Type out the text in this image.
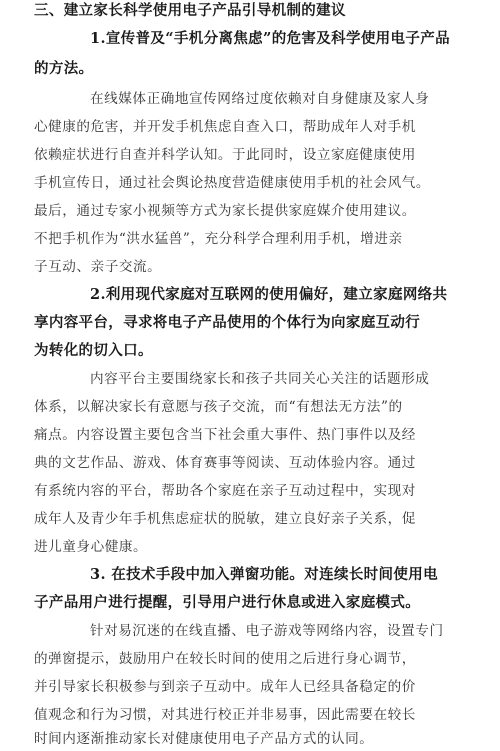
三、建立家长科学使用电子产品引导机制的建议
1.宣传普及“手机分离焦虑”的危害及科学使用电子产品
的方法。
在线媒体正确地宣传网络过度依赖对自身健康及家人身
心健康的危害，并开发手机焦虑自查入口，帮助成年人对手机
依赖症状进行自查并科学认知。于此同时，设立家庭健康使用
手机宣传日，通过社会舆论热度营造健康使用手机的社会风气。
最后，通过专家小视频等方式为家长提供家庭媒介使用建议。
不把手机作为“洪水猛兽”，充分科学合理利用手机，增进亲
子互动、亲子交流。
2.利用现代家庭对互联网的使用偏好，建立家庭网络共
享内容平台，寻求将电子产品使用的个体行为向家庭互动行
为转化的切入口。
内容平台主要围绕家长和孩子共同关心关注的话题形成
体系，以解决家长有意愿与孩子交流，而“有想法无方法”的
痛点。内容设置主要包含当下社会重大事件、热门事件以及经
典的文艺作品、游戏、体育赛事等阅读、互动体验内容。通过
有系统内容的平台，帮助各个家庭在亲子互动过程中，实现对
成年人及青少年手机焦虑症状的脱敏，建立良好亲子关系，促
进儿童身心健康。
3. 在技术手段中加入弹窗功能。对连续长时间使用电
子产品用户进行提醒，引导用户进行休息或进入家庭模式。
针对易沉迷的在线直播、电子游戏等网络内容，设置专门
的弹窗提示，鼓励用户在较长时间的使用之后进行身心调节，
并引导家长积极参与到亲子互动中。成年人已经具备稳定的价
值观念和行为习惯，对其进行校正并非易事，因此需要在较长
时间内逐渐推动家长对健康使用电子产品方式的认同。
